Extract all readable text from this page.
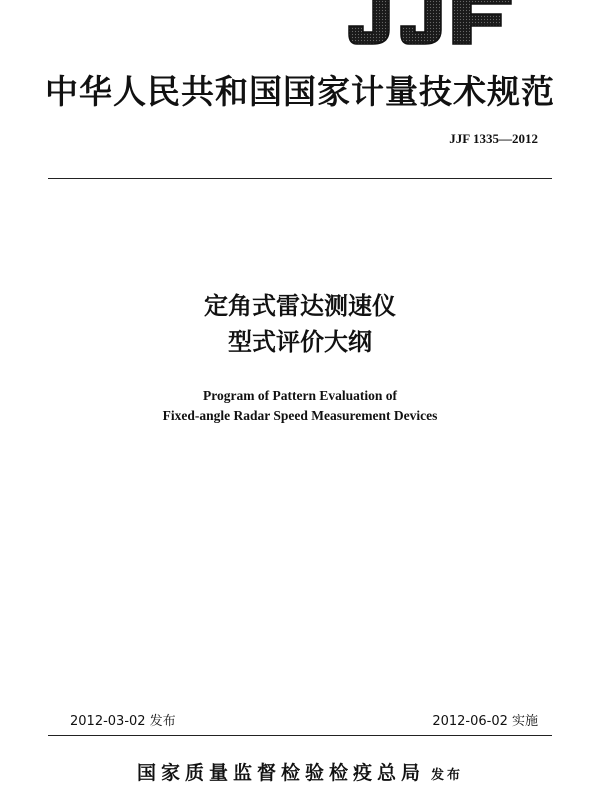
中华人民共和国国家计量技术规范
JJF 1335—2012
定角式雷达测速仪
型式评价大纲
Program of Pattern Evaluation of
Fixed-angle Radar Speed Measurement Devices
2012-03-02 发布	2012-06-02 实施
国家质量监督检验检疫总局 发布
